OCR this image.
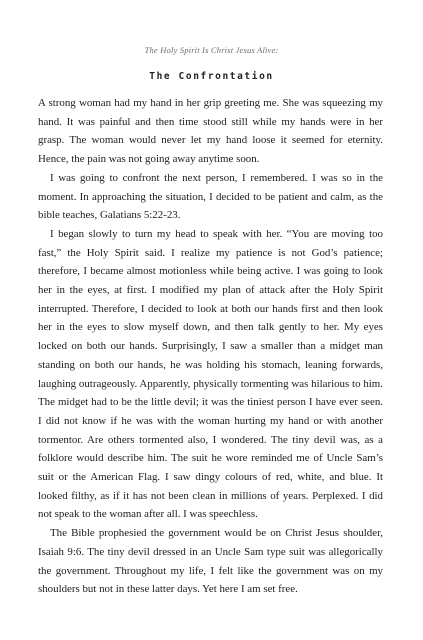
The Holy Spirit Is Christ Jesus Alive:
The Confrontation

A strong woman had my hand in her grip greeting me. She was squeezing my hand. It was painful and then time stood still while my hands were in her grasp. The woman would never let my hand loose it seemed for eternity. Hence, the pain was not going away anytime soon.

I was going to confront the next person, I remembered. I was so in the moment. In approaching the situation, I decided to be patient and calm, as the bible teaches, Galatians 5:22-23.

I began slowly to turn my head to speak with her. “You are moving too fast,” the Holy Spirit said. I realize my patience is not God’s patience; therefore, I became almost motionless while being active. I was going to look her in the eyes, at first. I modified my plan of attack after the Holy Spirit interrupted. Therefore, I decided to look at both our hands first and then look her in the eyes to slow myself down, and then talk gently to her. My eyes locked on both our hands. Surprisingly, I saw a smaller than a midget man standing on both our hands, he was holding his stomach, leaning forwards, laughing outrageously. Apparently, physically tormenting was hilarious to him. The midget had to be the little devil; it was the tiniest person I have ever seen. I did not know if he was with the woman hurting my hand or with another tormentor. Are others tormented also, I wondered. The tiny devil was, as a folklore would describe him. The suit he wore reminded me of Uncle Sam’s suit or the American Flag. I saw dingy colours of red, white, and blue. It looked filthy, as if it has not been clean in millions of years. Perplexed. I did not speak to the woman after all. I was speechless.

The Bible prophesied the government would be on Christ Jesus shoulder, Isaiah 9:6. The tiny devil dressed in an Uncle Sam type suit was allegorically the government. Throughout my life, I felt like the government was on my shoulders but not in these latter days. Yet here I am set free.
